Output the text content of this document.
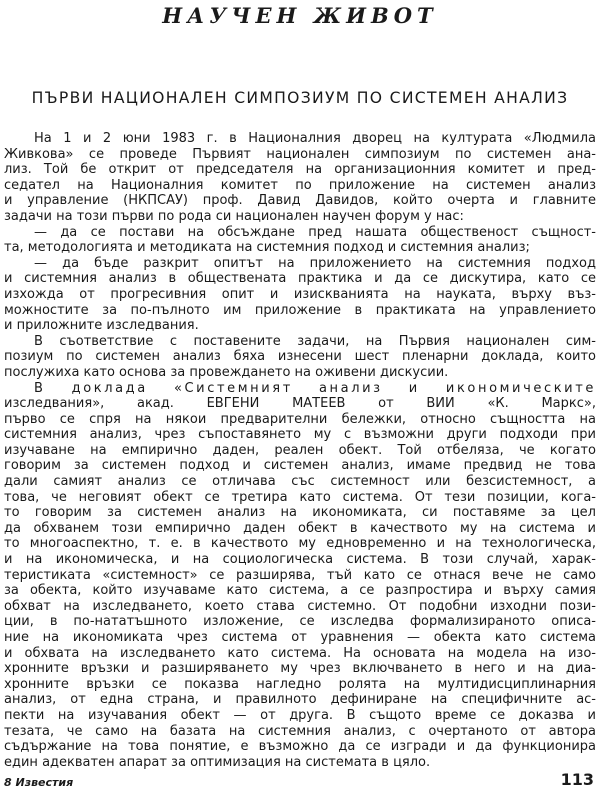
НАУЧЕН ЖИВОТ
ПЪРВИ НАЦИОНАЛЕН СИМПОЗИУМ ПО СИСТЕМЕН АНАЛИЗ
На 1 и 2 юни 1983 г. в Националния дворец на културата «Людмила
Живкова» се проведе Първият национален симпозиум по системен ана-
лиз. Той бе открит от председателя на организационния комитет и пред-
седател на Националния комитет по приложение на системен анализ
и управление (НКПСАУ) проф. Давид Давидов, който очерта и главните
задачи на този първи по рода си национален научен форум у нас:
— да се постави на обсъждане пред нашата общественост същност-
та, методологията и методиката на системния подход и системния анализ;
— да бъде разкрит опитът на приложението на системния подход
и системния анализ в обществената практика и да се дискутира, като се
изхожда от прогресивния опит и изискванията на науката, върху въз-
можностите за по-пълното им приложение в практиката на управлението
и приложните изследвания.
В съответствие с поставените задачи, на Първия национален сим-
позиум по системен анализ бяха изнесени шест пленарни доклада, които
послужиха като основа за провеждането на оживени дискусии.
В доклада «Системният анализ и икономическите
изследвания», акад. ЕВГЕНИ МАТЕЕВ от ВИИ «К. Маркс»,
първо се спря на някои предварителни бележки, относно същността на
системния анализ, чрез съпоставянето му с възможни други подходи при
изучаване на емпирично даден, реален обект. Той отбеляза, че когато
говорим за системен подход и системен анализ, имаме предвид не това
дали самият анализ се отличава със системност или безсистемност, а
това, че неговият обект се третира като система. От тези позиции, кога-
то говорим за системен анализ на икономиката, си поставяме за цел
да обхванем този емпирично даден обект в качеството му на система и
то многоаспектно, т. е. в качеството му едновременно и на технологическа,
и на икономическа, и на социологическа система. В този случай, харак-
теристиката «системност» се разширява, тъй като се отнася вече не само
за обекта, който изучаваме като система, а се разпростира и върху самия
обхват на изследването, което става системно. От подобни изходни пози-
ции, в по-нататъшното изложение, се изследва формализираното описа-
ние на икономиката чрез система от уравнения — обекта като система
и обхвата на изследването като система. На основата на модела на изо-
хронните връзки и разширяването му чрез включването в него и на диа-
хронните връзки се показва нагледно ролята на мултидисциплинарния
анализ, от една страна, и правилното дефиниране на специфичните ас-
пекти на изучавания обект — от друга. В същото време се доказва и
тезата, че само на базата на системния анализ, с очертаното от автора
съдържание на това понятие, е възможно да се изгради и да функционира
един адекватен апарат за оптимизация на системата в цяло.
8 Известия	113
